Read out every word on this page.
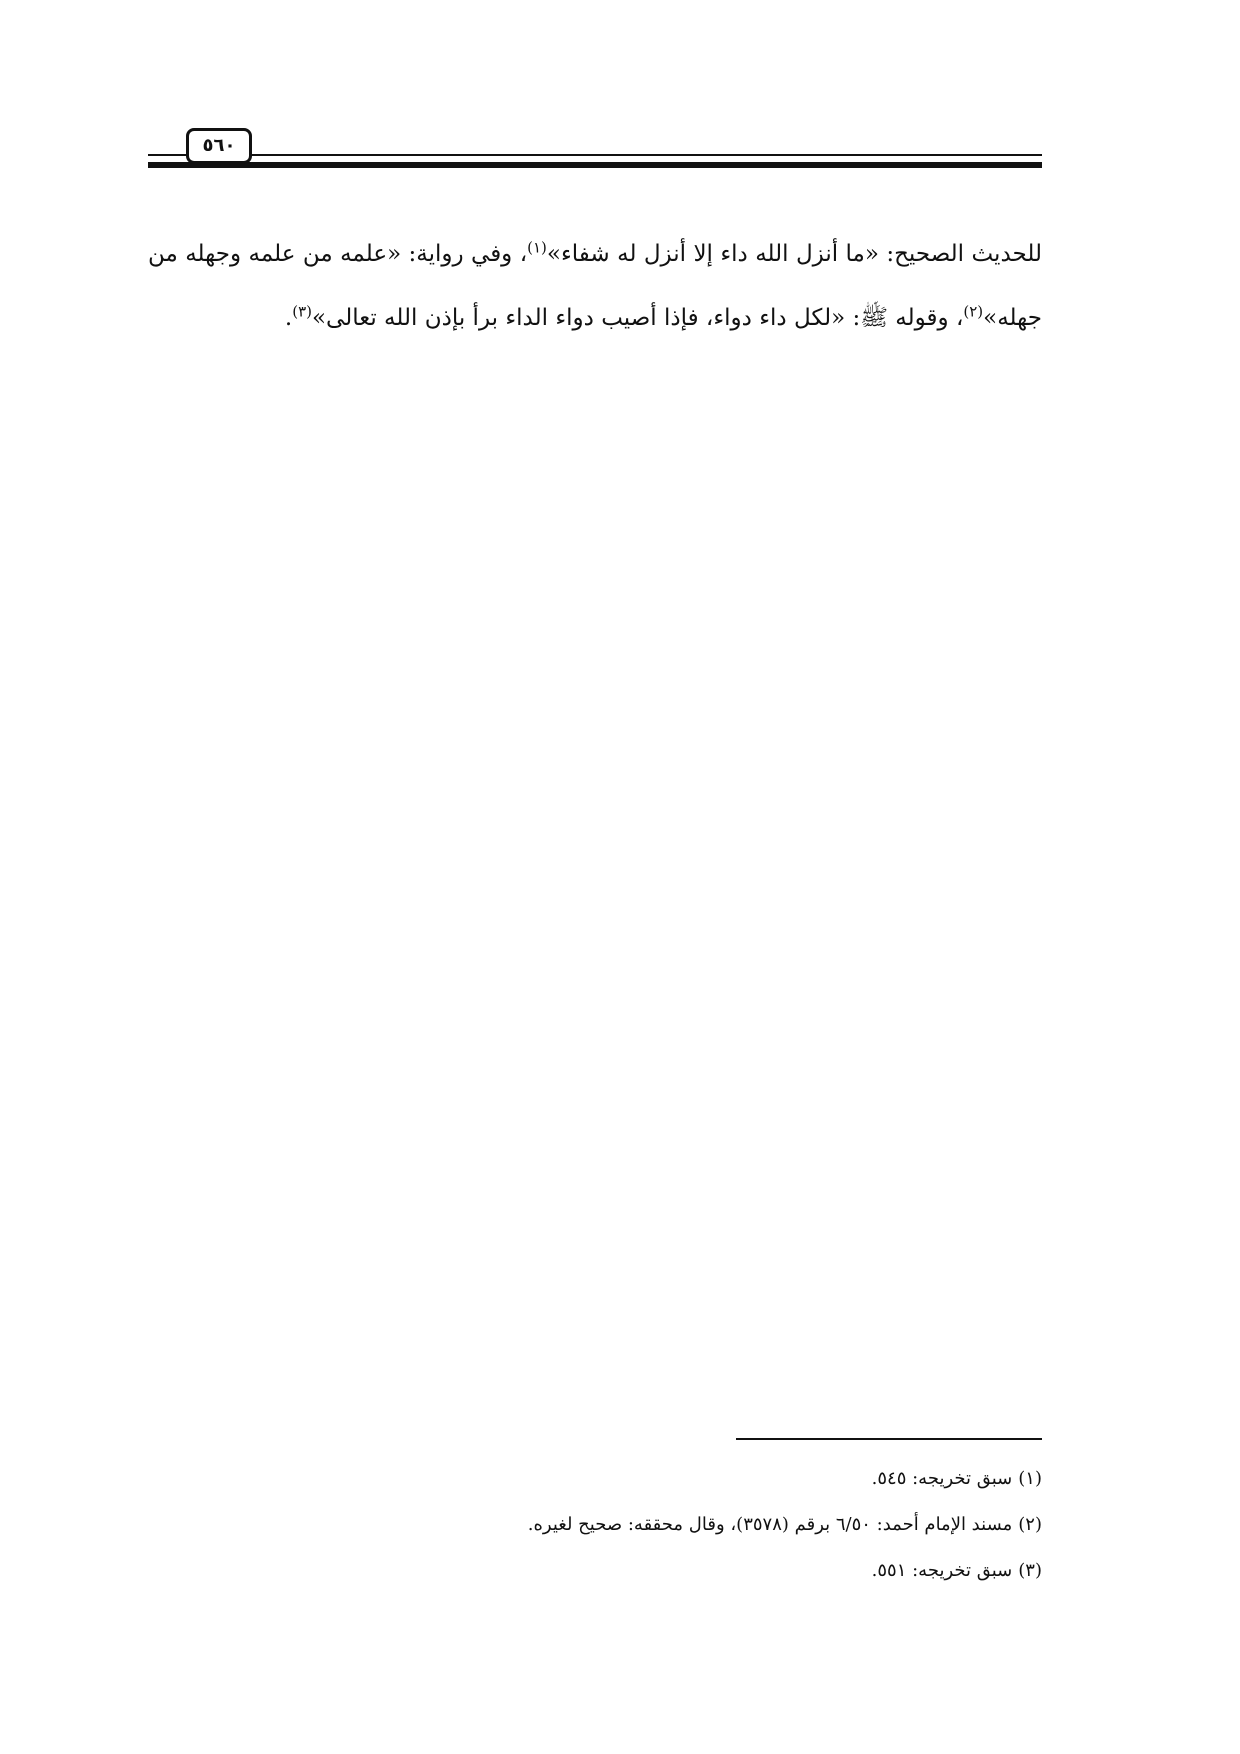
٥٦٠

للحديث الصحيح: «ما أنزل الله داء إلا أنزل له شفاء»$^{(١)}$، وفي رواية: «علمه من علمه وجهله من جهله»$^{(٢)}$، وقوله ﷺ: «لكل داء دواء، فإذا أصيب دواء الداء برأ بإذن الله تعالى»$^{(٣)}$.

(١)سبق تخريجه: ٥٤٥.
(٢)مسند الإمام أحمد: ٦/٥٠ برقم (٣٥٧٨)، وقال محققه: صحيح لغيره.
(٣)سبق تخريجه: ٥٥١.
